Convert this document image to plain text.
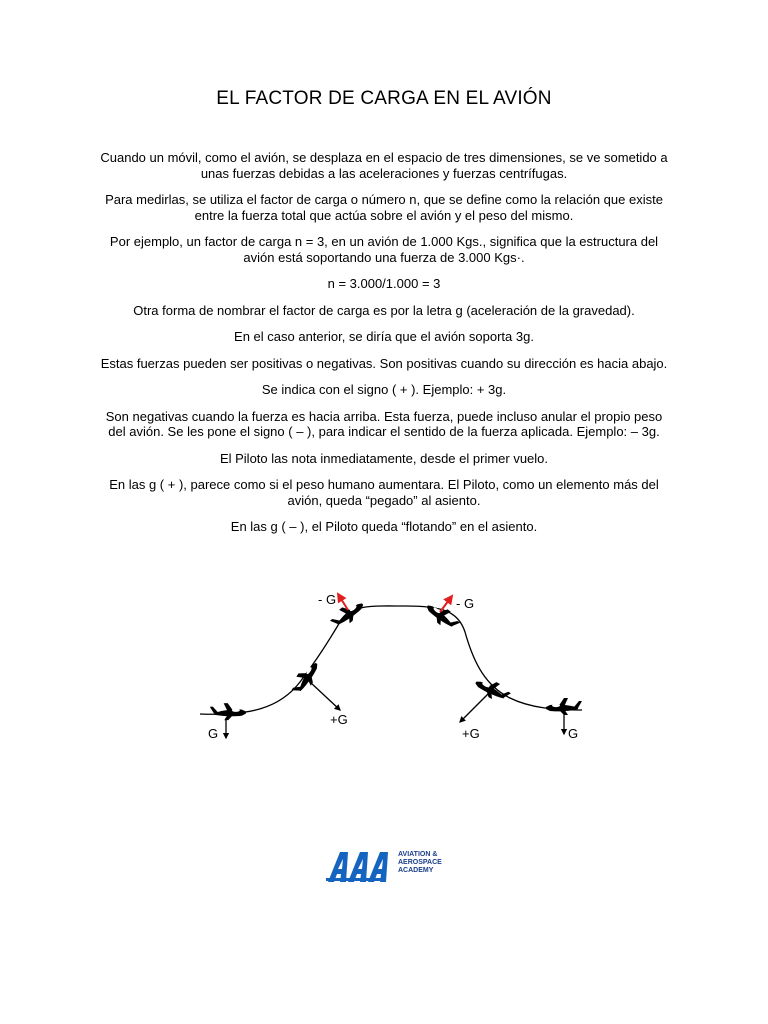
EL FACTOR DE CARGA EN EL AVIÓN

Cuando un móvil, como el avión, se desplaza en el espacio de tres dimensiones, se ve sometido a unas fuerzas debidas a las aceleraciones y fuerzas centrífugas.

Para medirlas, se utiliza el factor de carga o número n, que se define como la relación que existe entre la fuerza total que actúa sobre el avión y el peso del mismo.

Por ejemplo, un factor de carga n = 3, en un avión de 1.000 Kgs., significa que la estructura del avión está soportando una fuerza de 3.000 Kgs·.

n = 3.000/1.000 = 3

Otra forma de nombrar el factor de carga es por la letra g (aceleración de la gravedad).

En el caso anterior, se diría que el avión soporta 3g.

Estas fuerzas pueden ser positivas o negativas. Son positivas cuando su dirección es hacia abajo.

Se indica con el signo ( + ). Ejemplo: + 3g.

Son negativas cuando la fuerza es hacia arriba. Esta fuerza, puede incluso anular el propio peso del avión. Se les pone el signo ( – ), para indicar el sentido de la fuerza aplicada. Ejemplo: – 3g.

El Piloto las nota inmediatamente, desde el primer vuelo.

En las g ( + ), parece como si el peso humano aumentara. El Piloto, como un elemento más del avión, queda “pegado” al asiento.

En las g ( – ), el Piloto queda “flotando” en el asiento.

- G	- G
+G
+G
G	G
AVIATION &
AEROSPACE
ACADEMY
